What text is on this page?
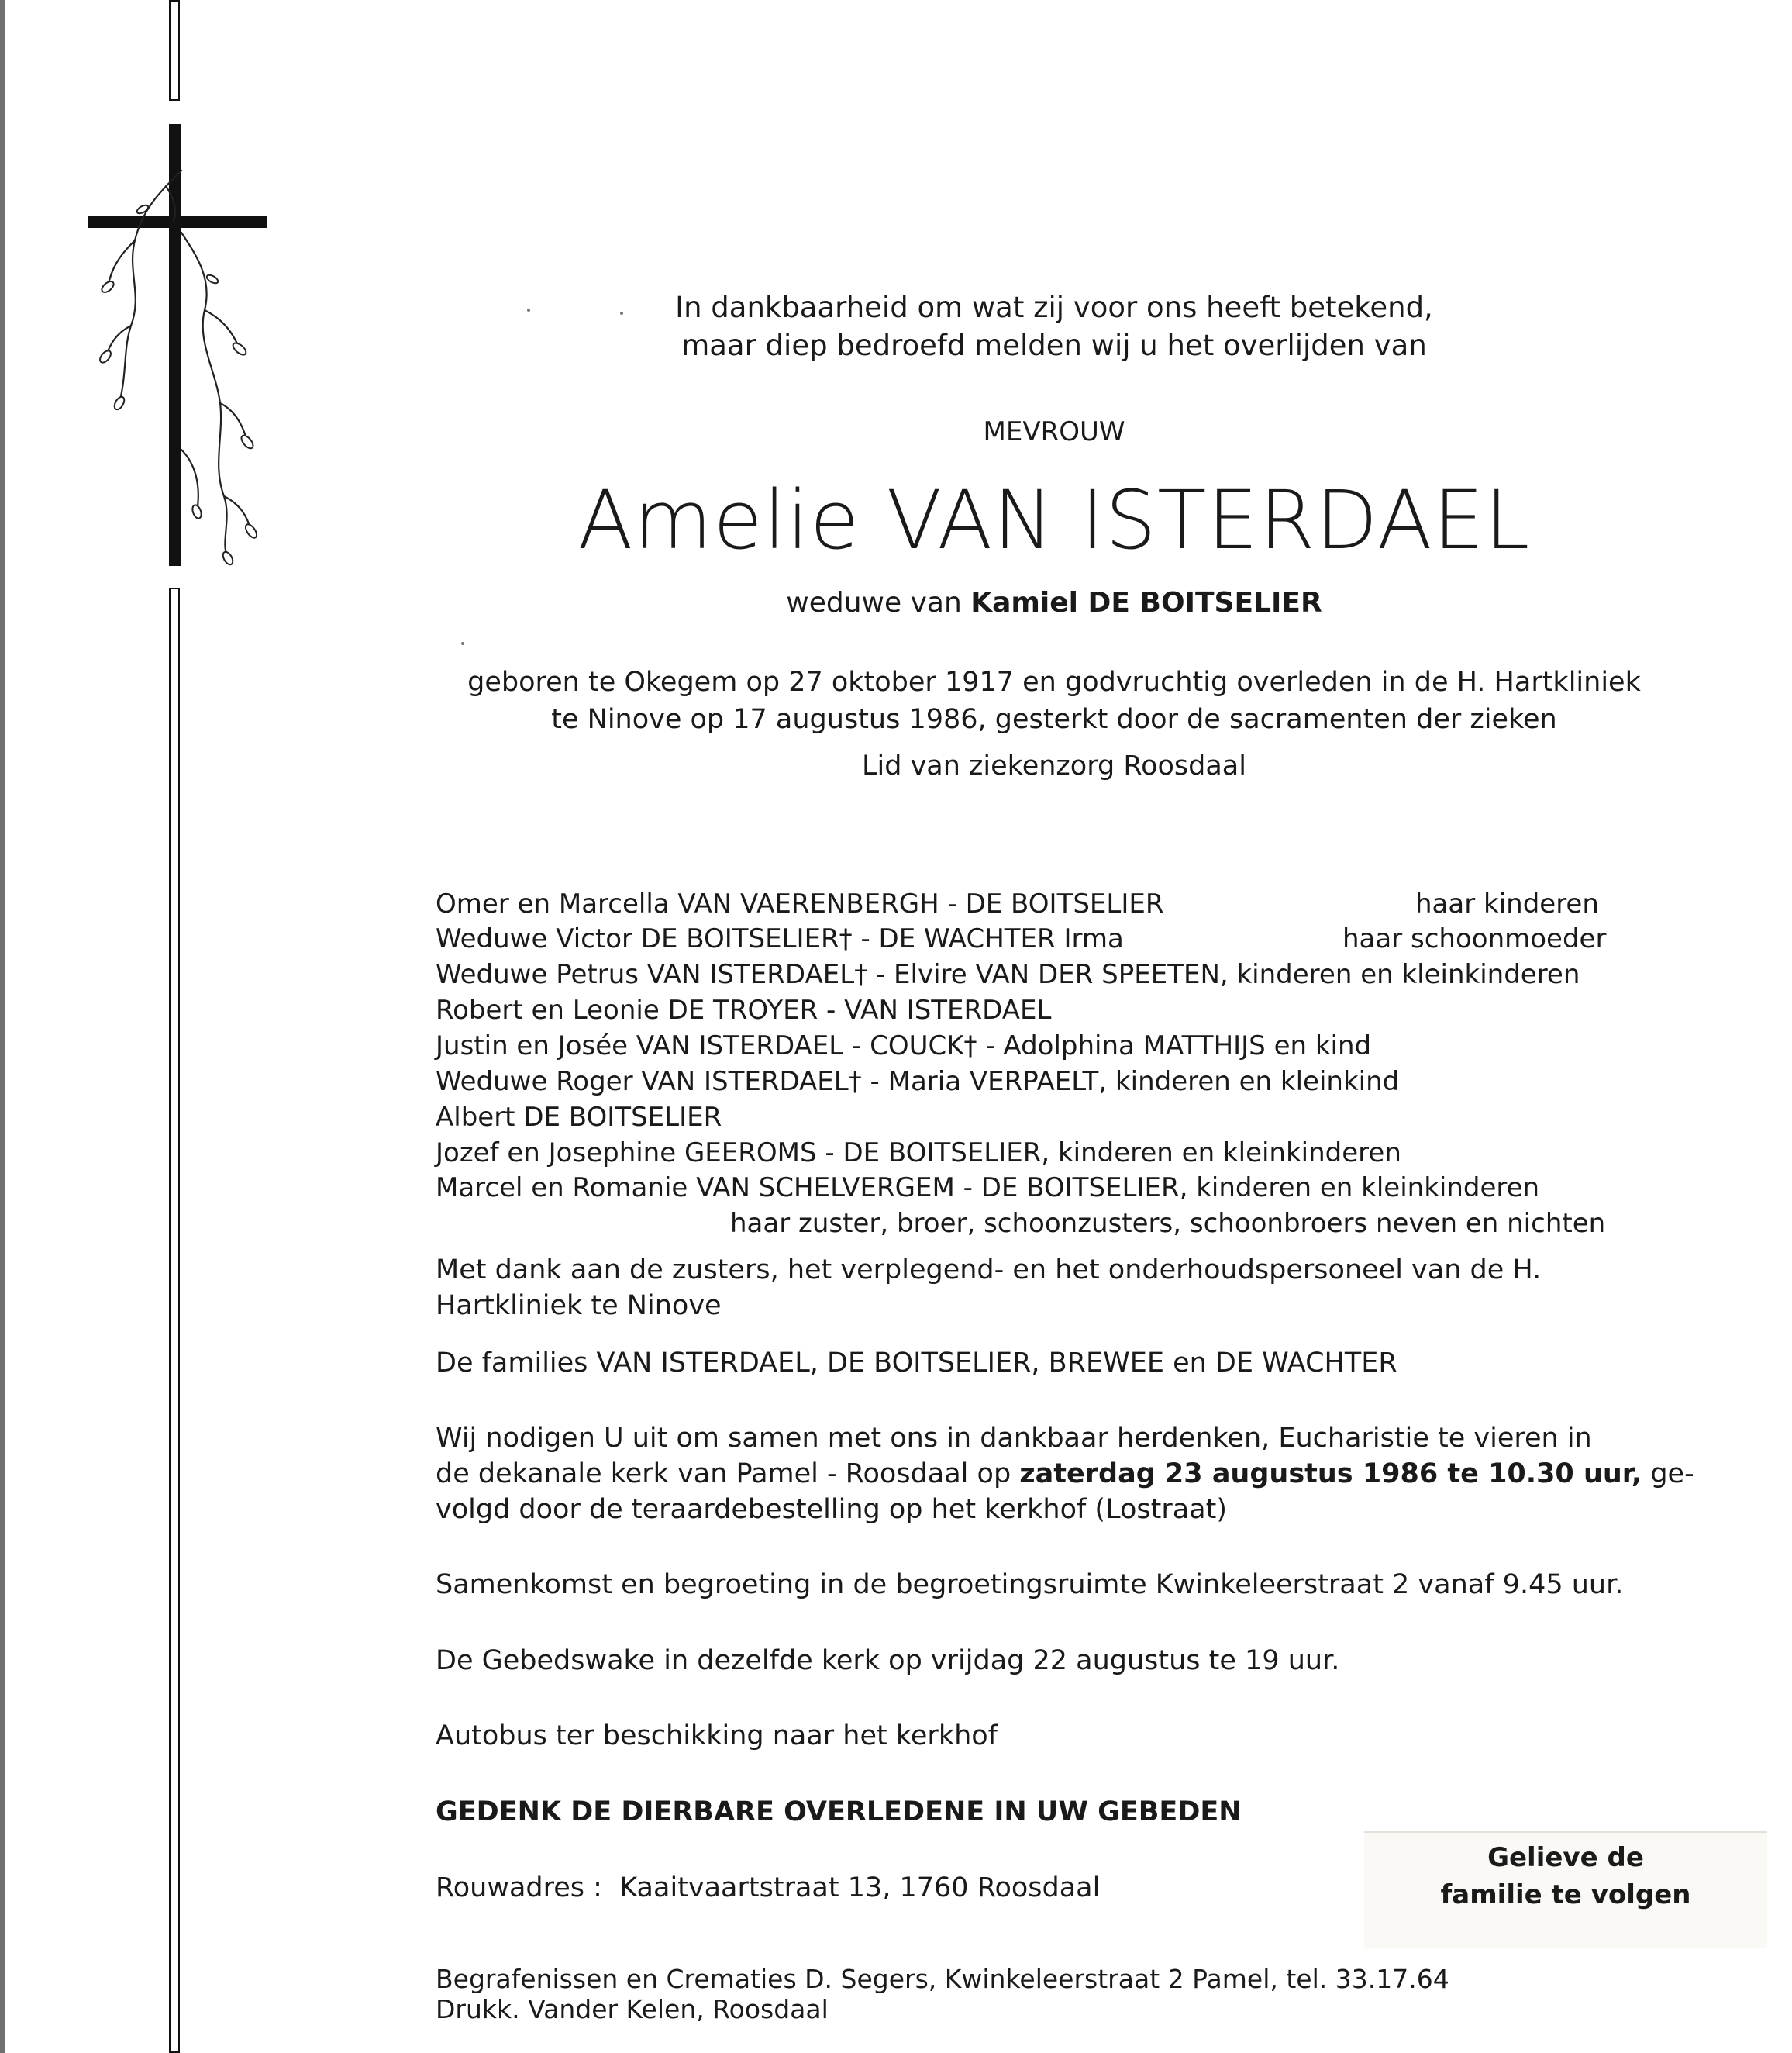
In dankbaarheid om wat zij voor ons heeft betekend,
maar diep bedroefd melden wij u het overlijden van
MEVROUW
Amelie VAN ISTERDAEL
weduwe van Kamiel DE BOITSELIER
geboren te Okegem op 27 oktober 1917 en godvruchtig overleden in de H. Hartkliniek
te Ninove op 17 augustus 1986, gesterkt door de sacramenten der zieken
Lid van ziekenzorg Roosdaal
Omer en Marcella VAN VAERENBERGH - DE BOITSELIER	haar kinderen
Weduwe Victor DE BOITSELIER† - DE WACHTER Irma	haar schoonmoeder
Weduwe Petrus VAN ISTERDAEL† - Elvire VAN DER SPEETEN, kinderen en kleinkinderen
Robert en Leonie DE TROYER - VAN ISTERDAEL
Justin en Josée VAN ISTERDAEL - COUCK† - Adolphina MATTHIJS en kind
Weduwe Roger VAN ISTERDAEL† - Maria VERPAELT, kinderen en kleinkind
Albert DE BOITSELIER
Jozef en Josephine GEEROMS - DE BOITSELIER, kinderen en kleinkinderen
Marcel en Romanie VAN SCHELVERGEM - DE BOITSELIER, kinderen en kleinkinderen
haar zuster, broer, schoonzusters, schoonbroers neven en nichten
Met dank aan de zusters, het verplegend- en het onderhoudspersoneel van de H.
Hartkliniek te Ninove
De families VAN ISTERDAEL, DE BOITSELIER, BREWEE en DE WACHTER
Wij nodigen U uit om samen met ons in dankbaar herdenken, Eucharistie te vieren in
de dekanale kerk van Pamel - Roosdaal op zaterdag 23 augustus 1986 te 10.30 uur, ge-
volgd door de teraardebestelling op het kerkhof (Lostraat)
Samenkomst en begroeting in de begroetingsruimte Kwinkeleerstraat 2 vanaf 9.45 uur.
De Gebedswake in dezelfde kerk op vrijdag 22 augustus te 19 uur.
Autobus ter beschikking naar het kerkhof
GEDENK DE DIERBARE OVERLEDENE IN UW GEBEDEN
Rouwadres : Kaaitvaartstraat 13, 1760 Roosdaal
Gelieve de
familie te volgen
Begrafenissen en Crematies D. Segers, Kwinkeleerstraat 2 Pamel, tel. 33.17.64
Drukk. Vander Kelen, Roosdaal
